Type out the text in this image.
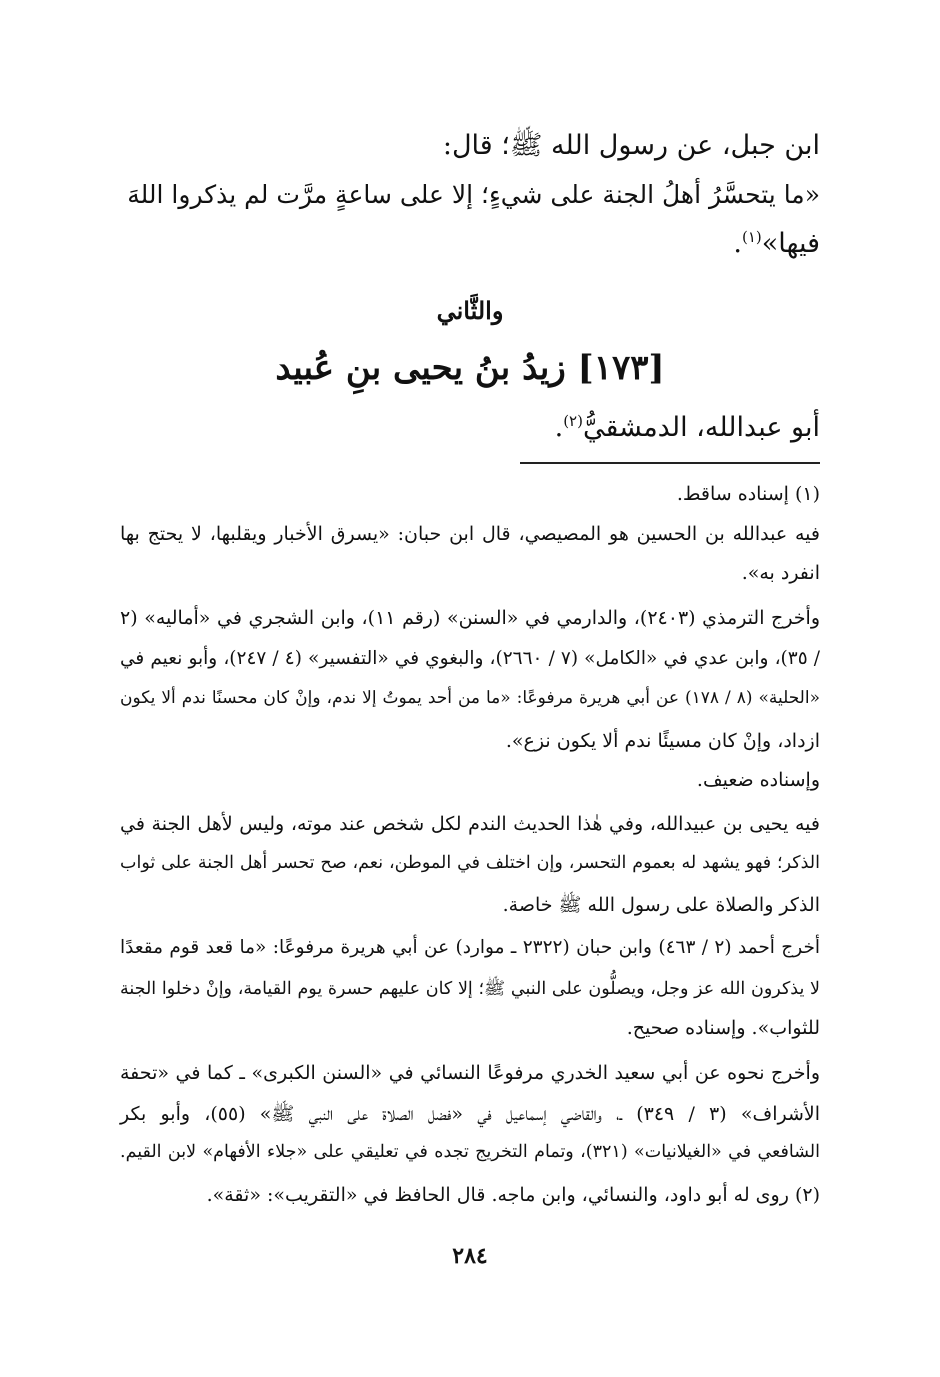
ابن جبل، عن رسول الله ﷺ؛ قال:
«ما يتحسَّرُ أهلُ الجنة على شيءٍ؛ إلا على ساعةٍ مرَّت لم يذكروا اللهَ
فيها»$^{(١)}$.
والثَّاني
[١٧٣] زيدُ بنُ يحيى بنِ عُبيد
أبو عبدالله، الدمشقيُّ$^{(٢)}$.
(١) إسناده ساقط.
فيه عبدالله بن الحسين هو المصيصي، قال ابن حبان: «يسرق الأخبار ويقلبها، لا يحتج بها
انفرد به».
وأخرج الترمذي (٢٤٠٣)، والدارمي في «السنن» (رقم ١١)، وابن الشجري في «أماليه» (٢
/ ٣٥)، وابن عدي في «الكامل» (٧ / ٢٦٦٠)، والبغوي في «التفسير» (٤ / ٢٤٧)، وأبو نعيم في
«الحلية» (٨ / ١٧٨) عن أبي هريرة مرفوعًا: «ما من أحد يموتُ إلا ندم، وإنْ كان محسنًا ندم ألا يكون
ازداد، وإنْ كان مسيئًا ندم ألا يكون نزع».
وإسناده ضعيف.
فيه يحيى بن عبيدالله، وفي هٰذا الحديث الندم لكل شخص عند موته، وليس لأهل الجنة في
الذكر؛ فهو يشهد له بعموم التحسر، وإن اختلف في الموطن، نعم، صح تحسر أهل الجنة على ثواب
الذكر والصلاة على رسول الله ﷺ خاصة.
أخرج أحمد (٢ / ٤٦٣) وابن حبان (٢٣٢٢ ـ موارد) عن أبي هريرة مرفوعًا: «ما قعد قوم مقعدًا
لا يذكرون الله عز وجل، ويصلُّون على النبي ﷺ؛ إلا كان عليهم حسرة يوم القيامة، وإنْ دخلوا الجنة
للثواب». وإسناده صحيح.
وأخرج نحوه عن أبي سعيد الخدري مرفوعًا النسائي في «السنن الكبرى» ـ كما في «تحفة
الأشراف» (٣ / ٣٤٩) ـ، والقاضي إسماعيل في «فضل الصلاة على النبي ﷺ» (٥٥)، وأبو بكر
الشافعي في «الغيلانيات» (٣٢١)، وتمام التخريج تجده في تعليقي على «جلاء الأفهام» لابن القيم.
(٢) روى له أبو داود، والنسائي، وابن ماجه. قال الحافظ في «التقريب»: «ثقة».
٢٨٤
